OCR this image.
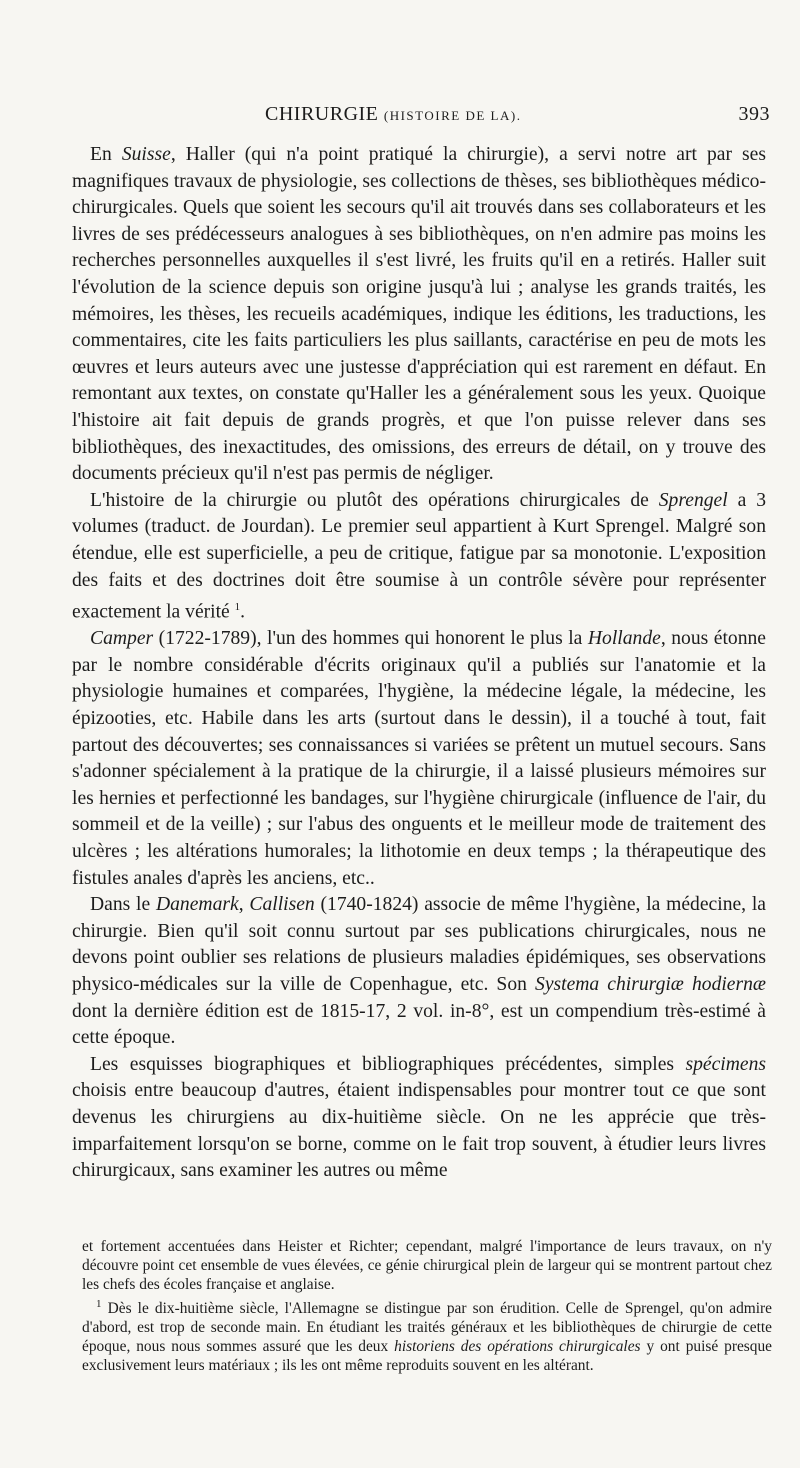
CHIRURGIE (HISTOIRE DE LA).	393

En Suisse, Haller (qui n'a point pratiqué la chirurgie), a servi notre art par ses magnifiques travaux de physiologie, ses collections de thèses, ses bibliothèques médico-chirurgicales. Quels que soient les secours qu'il ait trouvés dans ses collaborateurs et les livres de ses prédécesseurs analogues à ses bibliothèques, on n'en admire pas moins les recherches personnelles auxquelles il s'est livré, les fruits qu'il en a retirés. Haller suit l'évolution de la science depuis son origine jusqu'à lui ; analyse les grands traités, les mémoires, les thèses, les recueils académiques, indique les éditions, les traductions, les commentaires, cite les faits particuliers les plus saillants, caractérise en peu de mots les œuvres et leurs auteurs avec une justesse d'appréciation qui est rarement en défaut. En remontant aux textes, on constate qu'Haller les a généralement sous les yeux. Quoique l'histoire ait fait depuis de grands progrès, et que l'on puisse relever dans ses bibliothèques, des inexactitudes, des omissions, des erreurs de détail, on y trouve des documents précieux qu'il n'est pas permis de négliger.

L'histoire de la chirurgie ou plutôt des opérations chirurgicales de Sprengel a 3 volumes (traduct. de Jourdan). Le premier seul appartient à Kurt Sprengel. Malgré son étendue, elle est superficielle, a peu de critique, fatigue par sa monotonie. L'exposition des faits et des doctrines doit être soumise à un contrôle sévère pour représenter exactement la vérité $^1$.

Camper (1722-1789), l'un des hommes qui honorent le plus la Hollande, nous étonne par le nombre considérable d'écrits originaux qu'il a publiés sur l'anatomie et la physiologie humaines et comparées, l'hygiène, la médecine légale, la médecine, les épizooties, etc. Habile dans les arts (surtout dans le dessin), il a touché à tout, fait partout des découvertes; ses connaissances si variées se prêtent un mutuel secours. Sans s'adonner spécialement à la pratique de la chirurgie, il a laissé plusieurs mémoires sur les hernies et perfectionné les bandages, sur l'hygiène chirurgicale (influence de l'air, du sommeil et de la veille) ; sur l'abus des onguents et le meilleur mode de traitement des ulcères ; les altérations humorales; la lithotomie en deux temps ; la thérapeutique des fistules anales d'après les anciens, etc..

Dans le Danemark, Callisen (1740-1824) associe de même l'hygiène, la médecine, la chirurgie. Bien qu'il soit connu surtout par ses publications chirurgicales, nous ne devons point oublier ses relations de plusieurs maladies épidémiques, ses observations physico-médicales sur la ville de Copenhague, etc. Son Systema chirurgiæ hodiernæ dont la dernière édition est de 1815-17, 2 vol. in-8°, est un compendium très-estimé à cette époque.

Les esquisses biographiques et bibliographiques précédentes, simples spécimens choisis entre beaucoup d'autres, étaient indispensables pour montrer tout ce que sont devenus les chirurgiens au dix-huitième siècle. On ne les apprécie que très-imparfaitement lorsqu'on se borne, comme on le fait trop souvent, à étudier leurs livres chirurgicaux, sans examiner les autres ou même

et fortement accentuées dans Heister et Richter; cependant, malgré l'importance de leurs travaux, on n'y découvre point cet ensemble de vues élevées, ce génie chirurgical plein de largeur qui se montrent partout chez les chefs des écoles française et anglaise.

$^1$ Dès le dix-huitième siècle, l'Allemagne se distingue par son érudition. Celle de Sprengel, qu'on admire d'abord, est trop de seconde main. En étudiant les traités généraux et les bibliothèques de chirurgie de cette époque, nous nous sommes assuré que les deux historiens des opérations chirurgicales y ont puisé presque exclusivement leurs matériaux ; ils les ont même reproduits souvent en les altérant.
